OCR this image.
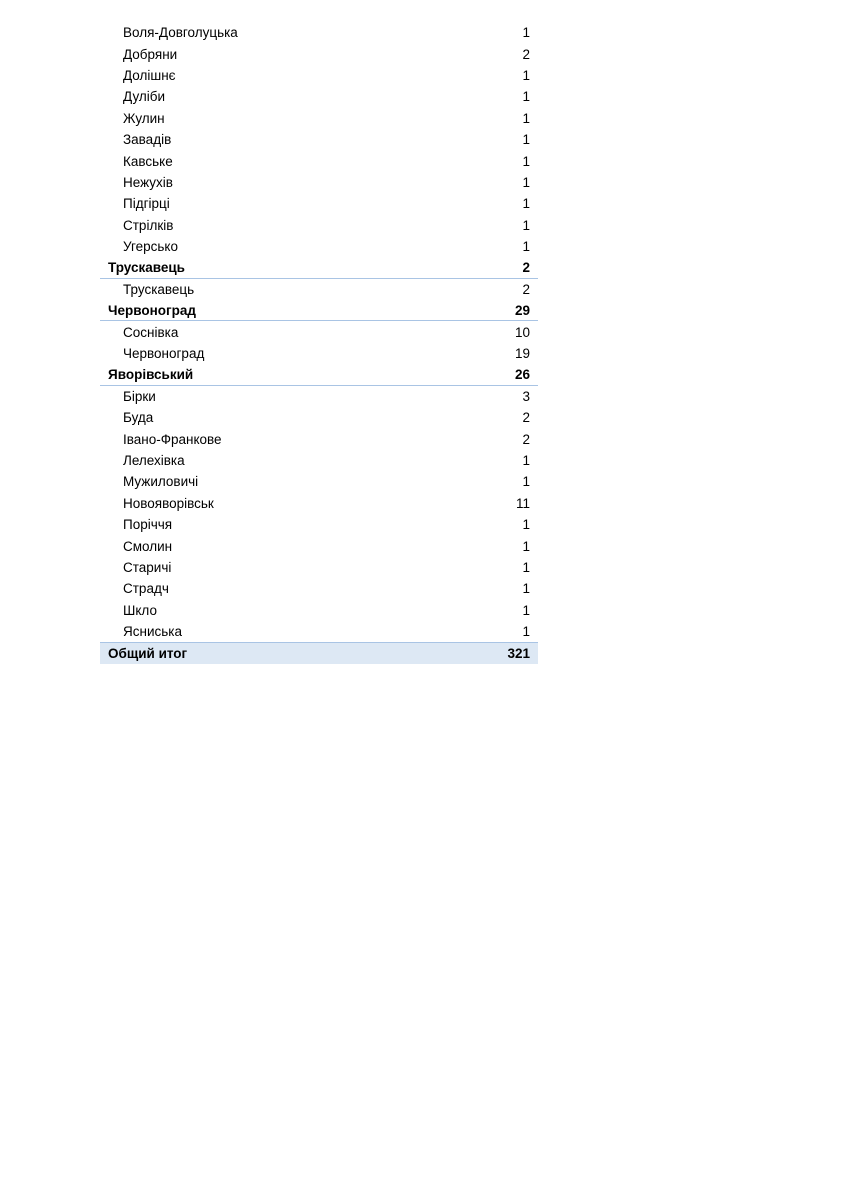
Воля-Довголуцька	1
Добряни	2
Долішнє	1
Дуліби	1
Жулин	1
Завадів	1
Кавське	1
Нежухів	1
Підгірці	1
Стрілків	1
Угерсько	1
Трускавець	2
Трускавець	2
Червоноград	29
Соснівка	10
Червоноград	19
Яворівський	26
Бірки	3
Буда	2
Івано-Франкове	2
Лелехівка	1
Мужиловичі	1
Новояворівськ	11
Поріччя	1
Смолин	1
Старичі	1
Страдч	1
Шкло	1
Ясниська	1
Общий итог	321
